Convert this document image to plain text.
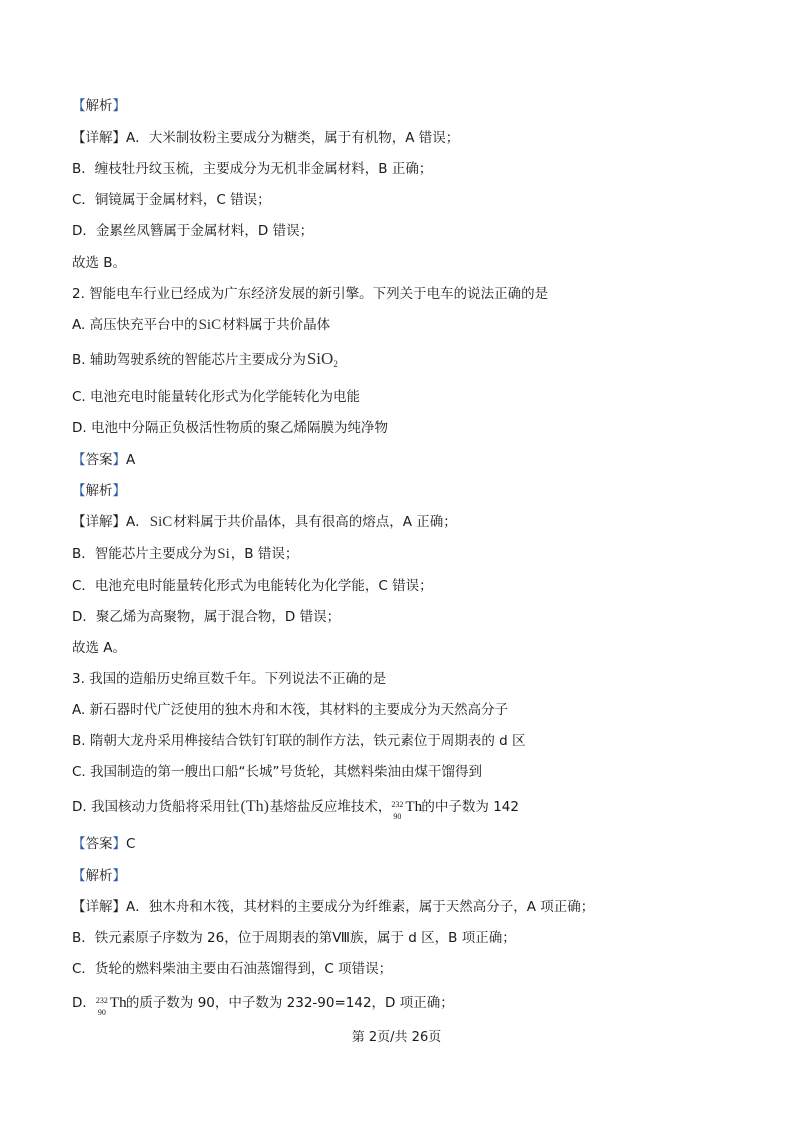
【解析】
【详解】A．大米制妆粉主要成分为糖类，属于有机物，A 错误；
B．缠枝牡丹纹玉梳，主要成分为无机非金属材料，B 正确；
C．铜镜属于金属材料，C 错误；
D．金累丝凤簪属于金属材料，D 错误；
故选 B。
2. 智能电车行业已经成为广东经济发展的新引擎。下列关于电车的说法正确的是
A. 高压快充平台中的SiC材料属于共价晶体
B. 辅助驾驶系统的智能芯片主要成分为SiO$_2$
C. 电池充电时能量转化形式为化学能转化为电能
D. 电池中分隔正负极活性物质的聚乙烯隔膜为纯净物
【答案】A
【解析】
【详解】A．SiC材料属于共价晶体，具有很高的熔点，A 正确；
B．智能芯片主要成分为Si，B 错误；
C．电池充电时能量转化形式为电能转化为化学能，C 错误；
D．聚乙烯为高聚物，属于混合物，D 错误；
故选 A。
3. 我国的造船历史绵亘数千年。下列说法不正确的是
A. 新石器时代广泛使用的独木舟和木筏，其材料的主要成分为天然高分子
B. 隋朝大龙舟采用榫接结合铁钉钉联的制作方法，铁元素位于周期表的 d 区
C. 我国制造的第一艘出口船“长城”号货轮，其燃料柴油由煤干馏得到
D. 我国核动力货船将采用钍(Th)基熔盐反应堆技术， 232
90
Th 的中子数为 142
【答案】C
【解析】
【详解】A．独木舟和木筏，其材料的主要成分为纤维素，属于天然高分子，A 项正确；
B．铁元素原子序数为 26，位于周期表的第Ⅷ族，属于 d 区，B 项正确；
C．货轮的燃料柴油主要由石油蒸馏得到，C 项错误；
D． 232
90
Th 的质子数为 90，中子数为 232-90=142，D 项正确；
第 2页/共 26页
